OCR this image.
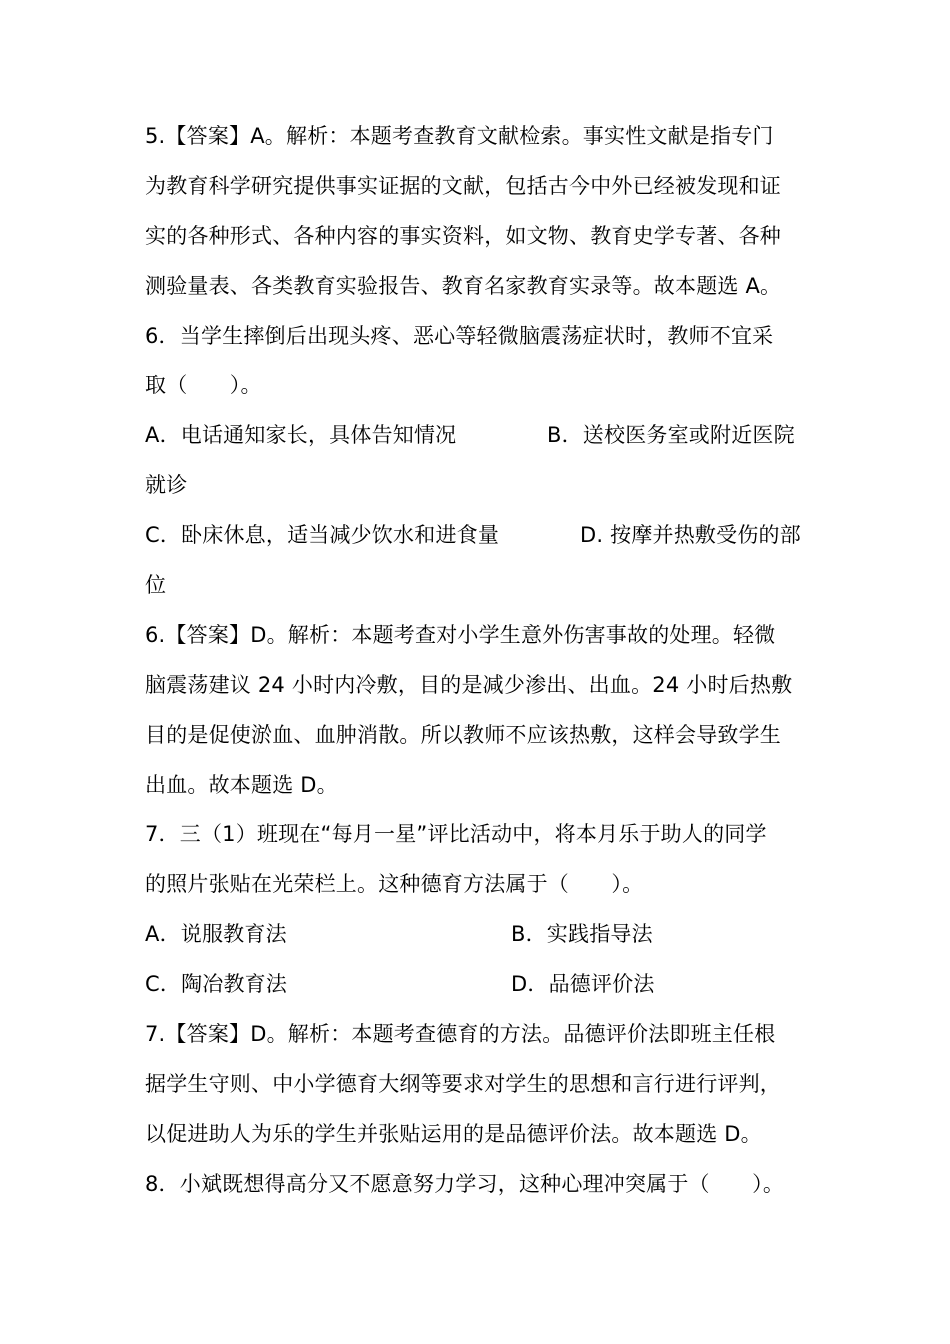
5.【答案】A。解析：本题考查教育文献检索。事实性文献是指专门
为教育科学研究提供事实证据的文献，包括古今中外已经被发现和证
实的各种形式、各种内容的事实资料，如文物、教育史学专著、各种
测验量表、各类教育实验报告、教育名家教育实录等。故本题选 A。
6．当学生摔倒后出现头疼、恶心等轻微脑震荡症状时，教师不宜采
取（　　）。
A．电话通知家长，具体告知情况	B．送校医务室或附近医院
就诊
C．卧床休息，适当减少饮水和进食量	D. 按摩并热敷受伤的部
位
6.【答案】D。解析：本题考查对小学生意外伤害事故的处理。轻微
脑震荡建议 24 小时内冷敷，目的是减少渗出、出血。24 小时后热敷
目的是促使淤血、血肿消散。所以教师不应该热敷，这样会导致学生
出血。故本题选 D。
7．三（1）班现在“每月一星”评比活动中，将本月乐于助人的同学
的照片张贴在光荣栏上。这种德育方法属于（　　）。
A．说服教育法	B．实践指导法
C．陶冶教育法	D．品德评价法
7.【答案】D。解析：本题考查德育的方法。品德评价法即班主任根
据学生守则、中小学德育大纲等要求对学生的思想和言行进行评判，
以促进助人为乐的学生并张贴运用的是品德评价法。故本题选 D。
8．小斌既想得高分又不愿意努力学习，这种心理冲突属于（　　）。
